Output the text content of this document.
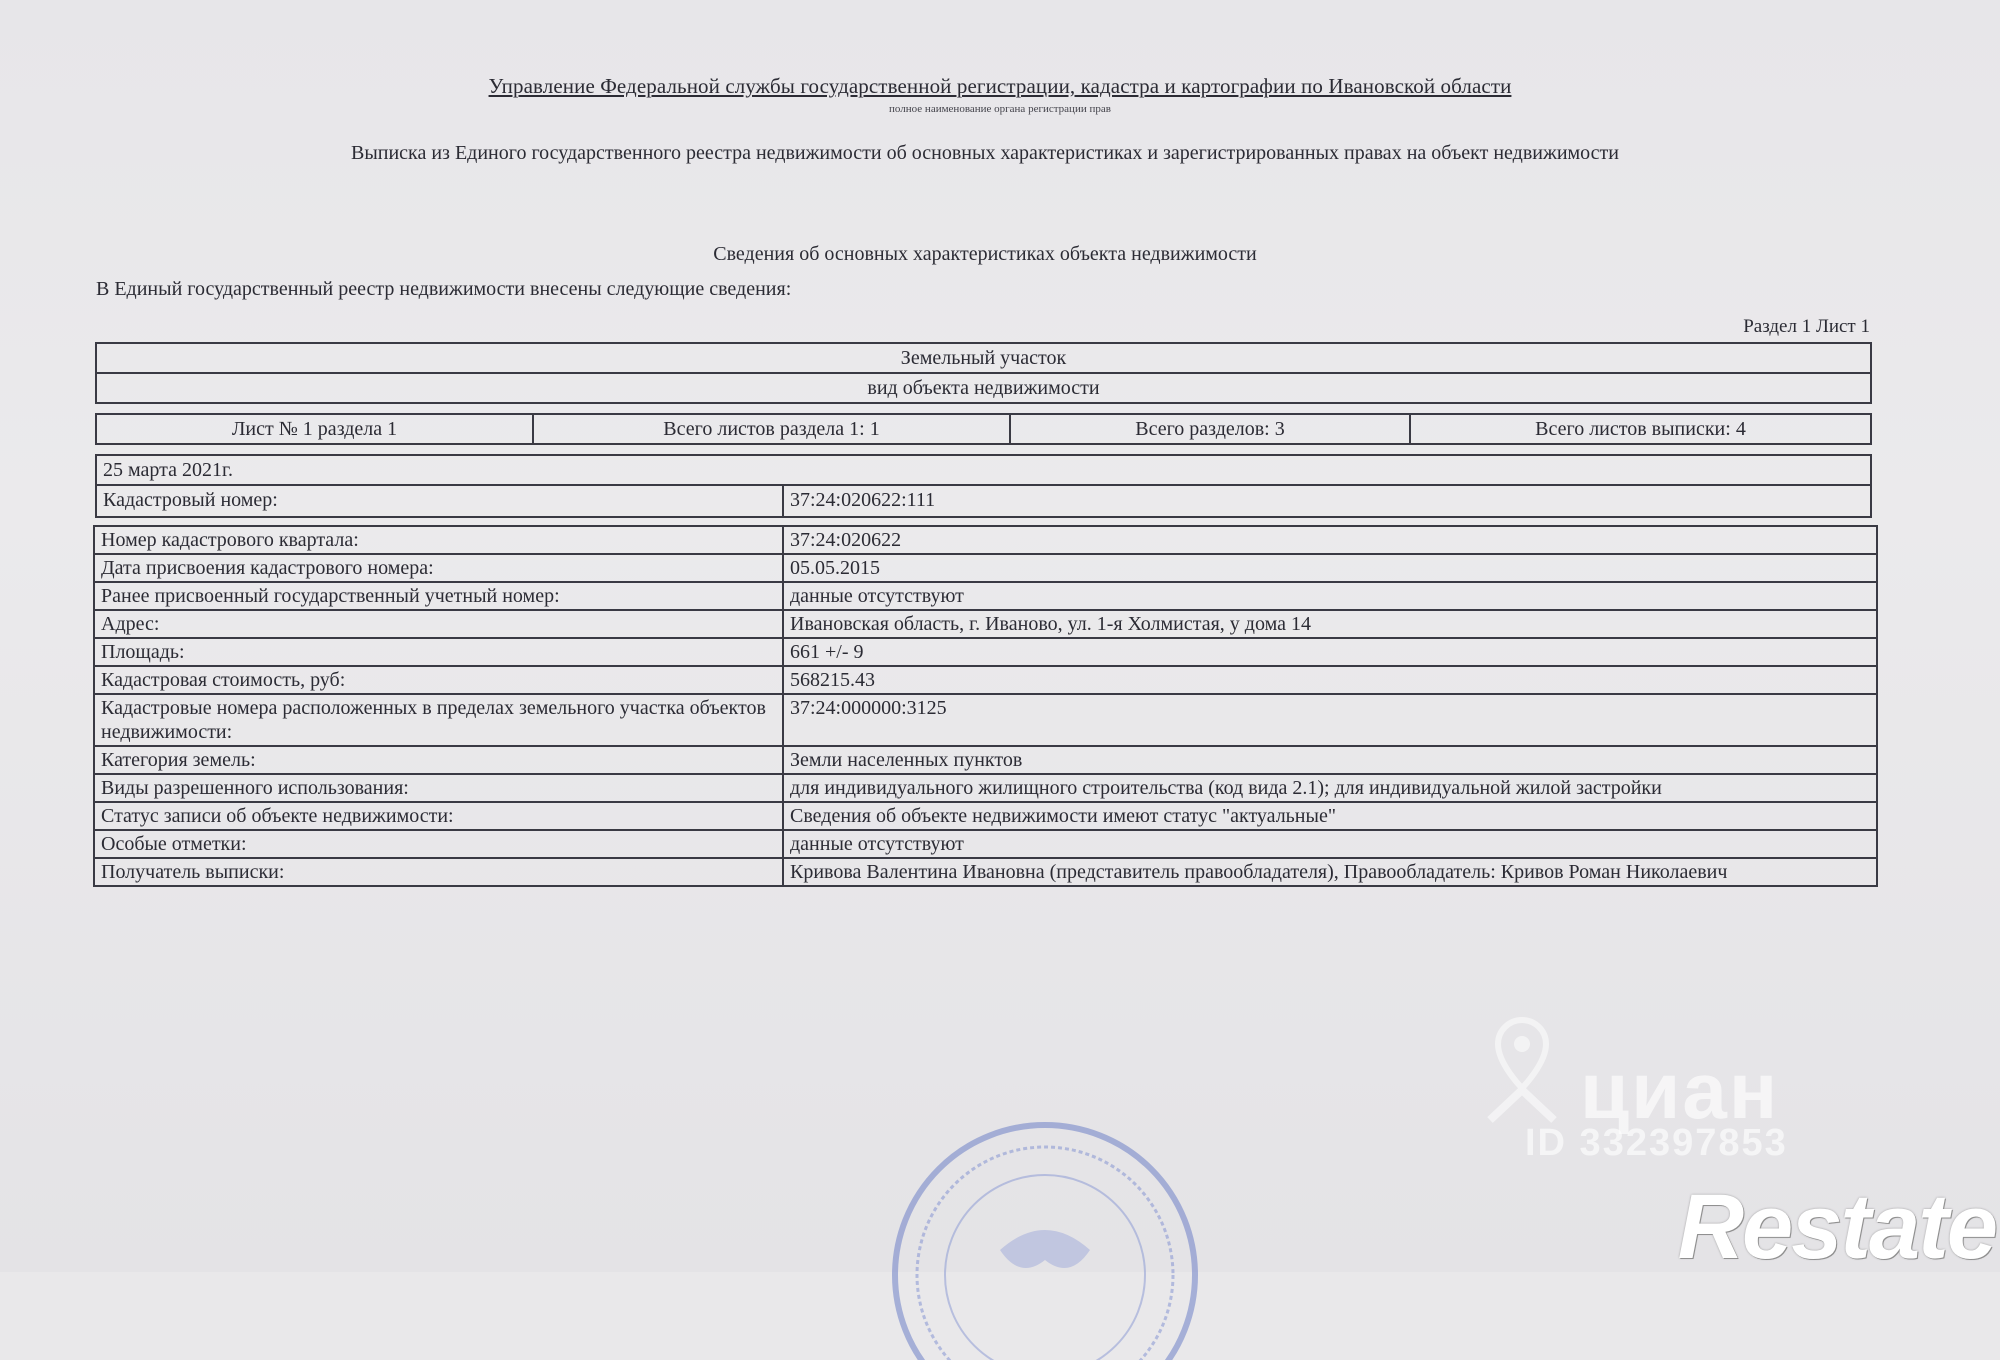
Управление Федеральной службы государственной регистрации, кадастра и картографии по Ивановской области
полное наименование органа регистрации прав
Выписка из Единого государственного реестра недвижимости об основных характеристиках и зарегистрированных правах на объект недвижимости
Сведения об основных характеристиках объекта недвижимости
В Единый государственный реестр недвижимости внесены следующие сведения:
Раздел 1 Лист 1
Земельный участок
вид объекта недвижимости
Лист № 1 раздела 1	Всего листов раздела 1: 1	Всего разделов: 3	Всего листов выписки: 4
25 марта 2021г.
Кадастровый номер:	37:24:020622:111
Номер кадастрового квартала:	37:24:020622
Дата присвоения кадастрового номера:	05.05.2015
Ранее присвоенный государственный учетный номер:	данные отсутствуют
Адрес:	Ивановская область, г. Иваново, ул. 1-я Холмистая, у дома 14
Площадь:	661 +/- 9
Кадастровая стоимость, руб:	568215.43
Кадастровые номера расположенных в пределах земельного участка объектов недвижимости:
37:24:000000:3125
Категория земель:	Земли населенных пунктов
Виды разрешенного использования:	для индивидуального жилищного строительства (код вида 2.1); для индивидуальной жилой застройки
Статус записи об объекте недвижимости:	Сведения об объекте недвижимости имеют статус "актуальные"
Особые отметки:	данные отсутствуют
Получатель выписки:	Кривова Валентина Ивановна (представитель правообладателя), Правообладатель: Кривов Роман Николаевич
циан
ID 332397853
Restate
